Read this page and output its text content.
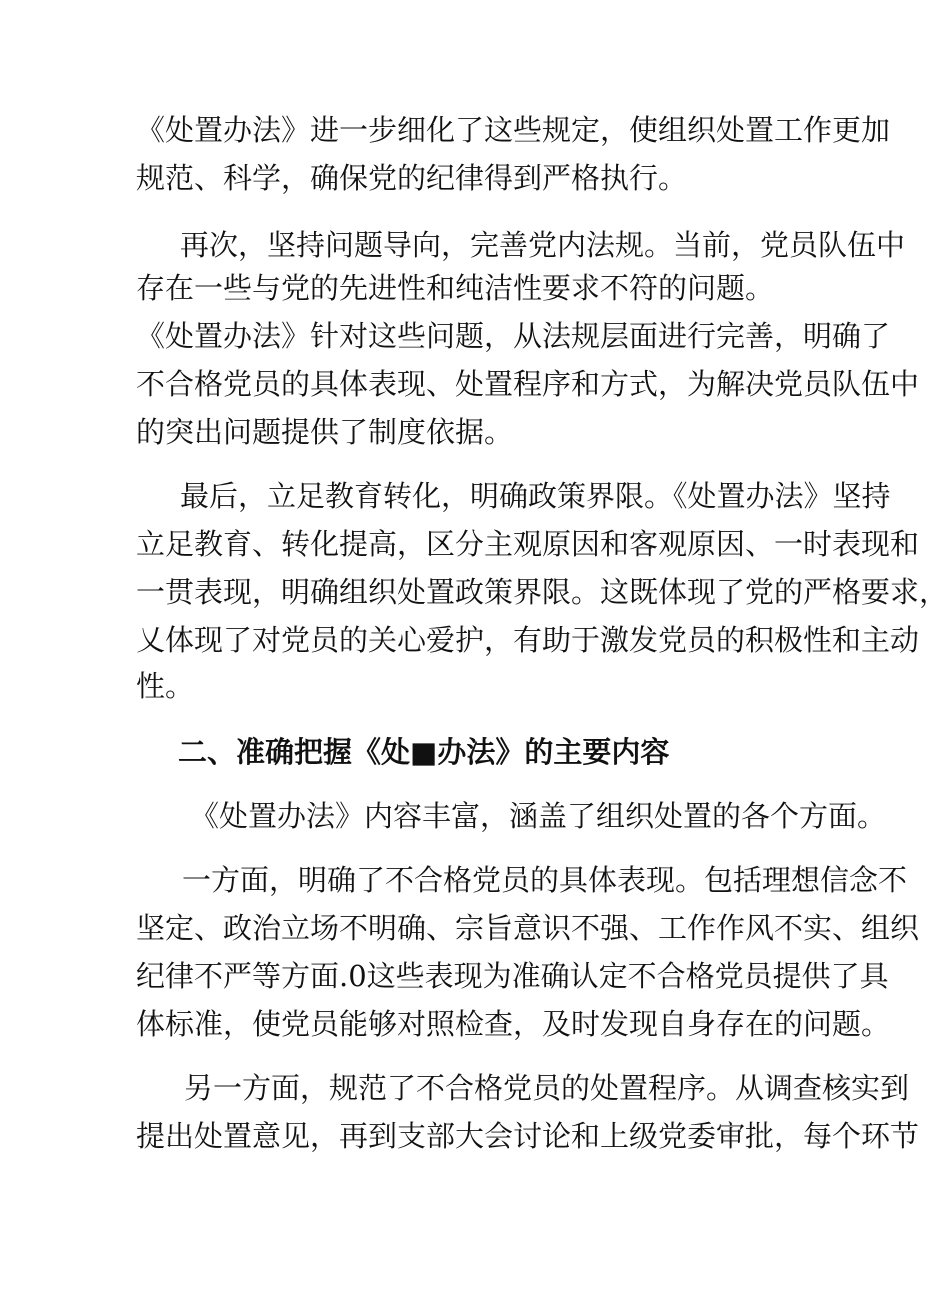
《处置办法》进一步细化了这些规定，使组织处置工作更加
规范、科学，确保党的纪律得到严格执行。
再次，坚持问题导向，完善党内法规。当前，党员队伍中
存在一些与党的先进性和纯洁性要求不符的问题。
《处置办法》针对这些问题，从法规层面进行完善，明确了
不合格党员的具体表现、处置程序和方式，为解决党员队伍中
的突出问题提供了制度依据。
最后，立足教育转化，明确政策界限。《处置办法》坚持
立足教育、转化提高，区分主观原因和客观原因、一时表现和
一贯表现，明确组织处置政策界限。这既体现了党的严格要求，
乂体现了对党员的关心爱护，有助于激发党员的积极性和主动
性。
二、准确把握《处■办法》的主要内容
《处置办法》内容丰富，涵盖了组织处置的各个方面。
一方面，明确了不合格党员的具体表现。包括理想信念不
坚定、政治立场不明确、宗旨意识不强、工作作风不实、组织
纪律不严等方面.0这些表现为准确认定不合格党员提供了具
体标准，使党员能够对照检查，及时发现自身存在的问题。
另一方面，规范了不合格党员的处置程序。从调查核实到
提出处置意见，再到支部大会讨论和上级党委审批，每个环节
